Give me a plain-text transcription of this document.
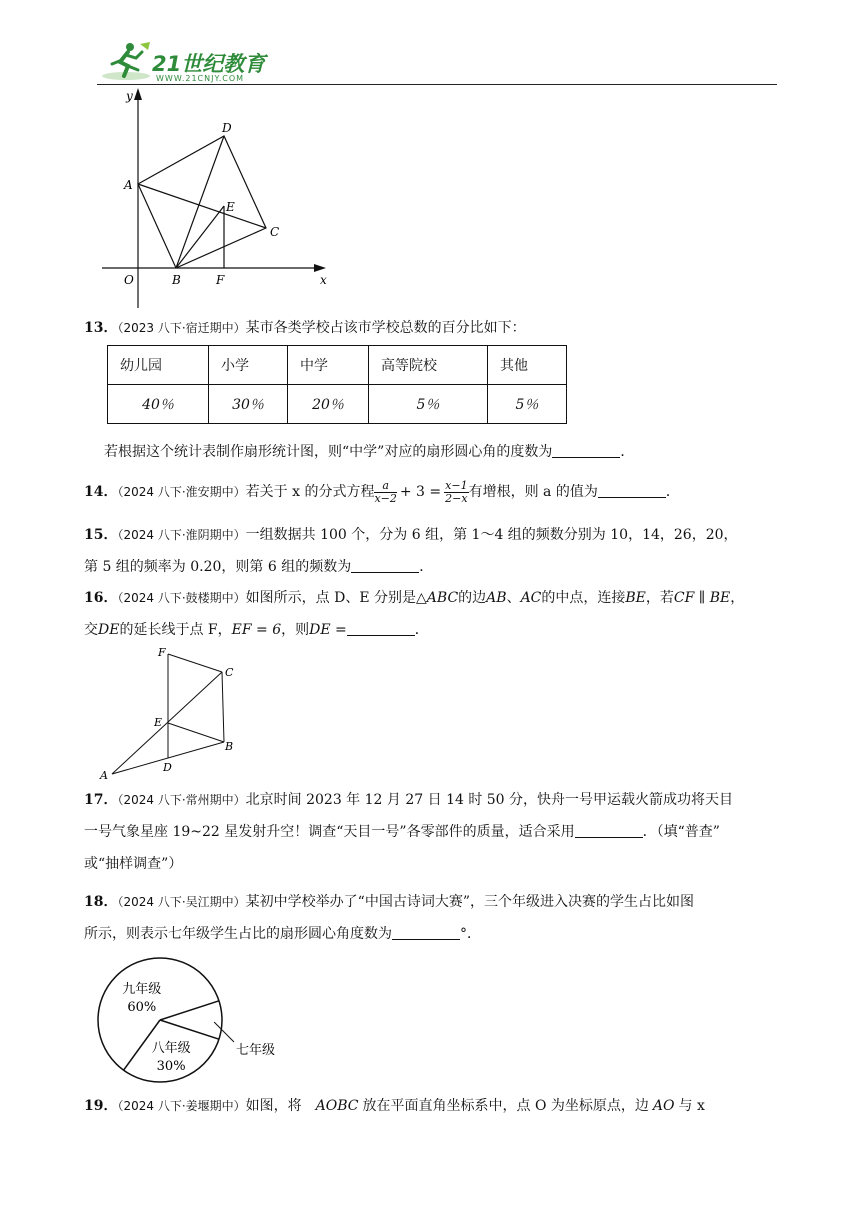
21世纪教育
WWW.21CNJY.COM
y
x
O
A
B
C
D
E
F
13．（2023 八下·宿迁期中）某市各类学校占该市学校总数的百分比如下：
幼儿园	小学	中学	高等院校	其他
40％	30％	20％	5％	5％
若根据这个统计表制作扇形统计图，则“中学”对应的扇形圆心角的度数为	．
14．（2024 八下·淮安期中）若关于 x 的分式方程 $\frac{a}{x-2} + 3 = \frac{x-1}{2-x}$ 有增根，则 a 的值为	．
15．（2024 八下·淮阴期中）一组数据共 100 个，分为 6 组，第 1～4 组的频数分别为 10，14，26，20，
第 5 组的频率为 0.20，则第 6 组的频数为	．
16．（2024 八下·鼓楼期中）如图所示，点 D、E 分别是△ABC的边AB、AC的中点，连接BE，若CF ∥ BE，
交DE的延长线于点 F，EF = 6，则DE =	．
F
C
E
B
A
D
17．（2024 八下·常州期中）北京时间 2023 年 12 月 27 日 14 时 50 分，快舟一号甲运载火箭成功将天目
一号气象星座 19~22 星发射升空！调查“天目一号”各零部件的质量，适合采用	．（填“普查”
或“抽样调查”）
18．（2024 八下·吴江期中）某初中学校举办了“中国古诗词大赛”，三个年级进入决赛的学生占比如图
所示，则表示七年级学生占比的扇形圆心角度数为	°．
七年级
八年级
30%
九年级
60%
19．（2024 八下·姜堰期中）如图，将 AOBC 放在平面直角坐标系中，点 O 为坐标原点，边 AO 与 x
